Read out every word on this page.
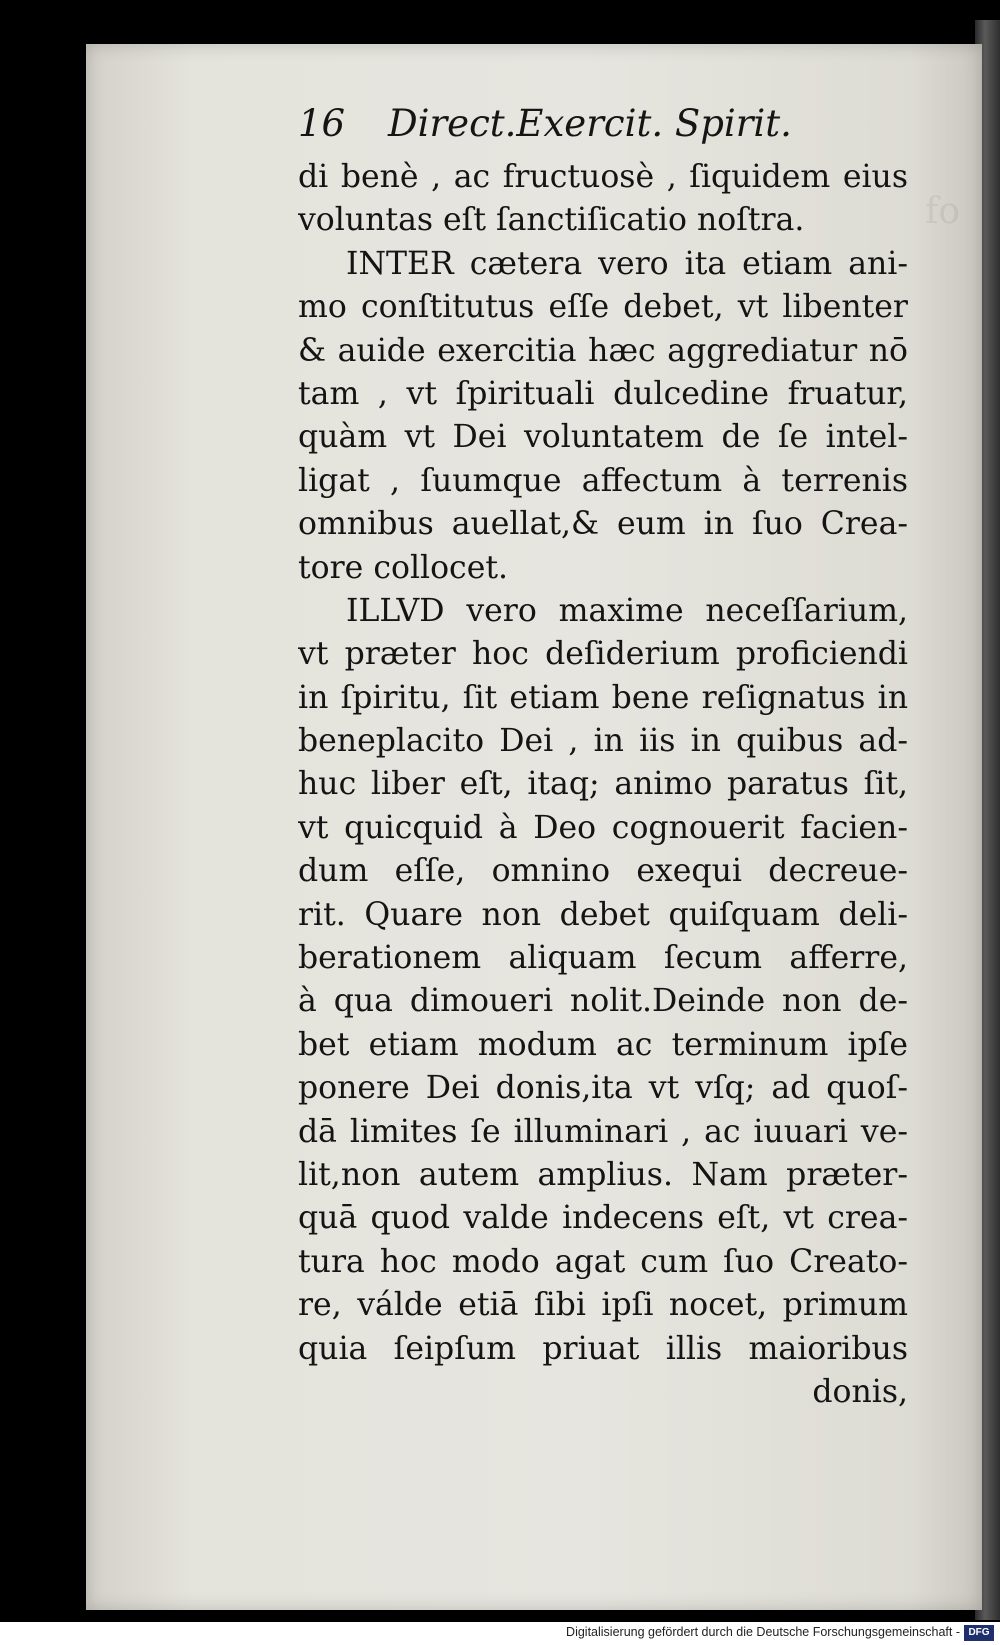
16 Direct.Exercit. Spirit.
di benè , ac fructuosè , ſiquidem eius
voluntas eſt ſanctiſicatio noſtra.
INTER cætera vero ita etiam ani-
mo conſtitutus eſſe debet, vt libenter
& auide exercitia hæc aggrediatur nō
tam , vt ſpirituali dulcedine fruatur,
quàm vt Dei voluntatem de ſe intel-
ligat , ſuumque affectum à terrenis
omnibus auellat,& eum in ſuo Crea-
tore collocet.
ILLVD vero maxime neceſſarium,
vt præter hoc deſiderium proficiendi
in ſpiritu, ſit etiam bene reſignatus in
beneplacito Dei , in iis in quibus ad-
huc liber eſt, itaq; animo paratus ſit,
vt quicquid à Deo cognouerit facien-
dum eſſe, omnino exequi decreue-
rit. Quare non debet quiſquam deli-
berationem aliquam ſecum afferre,
à qua dimoueri nolit.Deinde non de-
bet etiam modum ac terminum ipſe
ponere Dei donis,ita vt vſq; ad quoſ-
dā limites ſe illuminari , ac iuuari ve-
lit,non autem amplius. Nam præter-
quā quod valde indecens eſt, vt crea-
tura hoc modo agat cum ſuo Creato-
re, válde etiā ſibi ipſi nocet, primum
quia ſeipſum priuat illis maioribus
donis,
Digitalisierung gefördert durch die Deutsche Forschungsgemeinschaft - DFG
